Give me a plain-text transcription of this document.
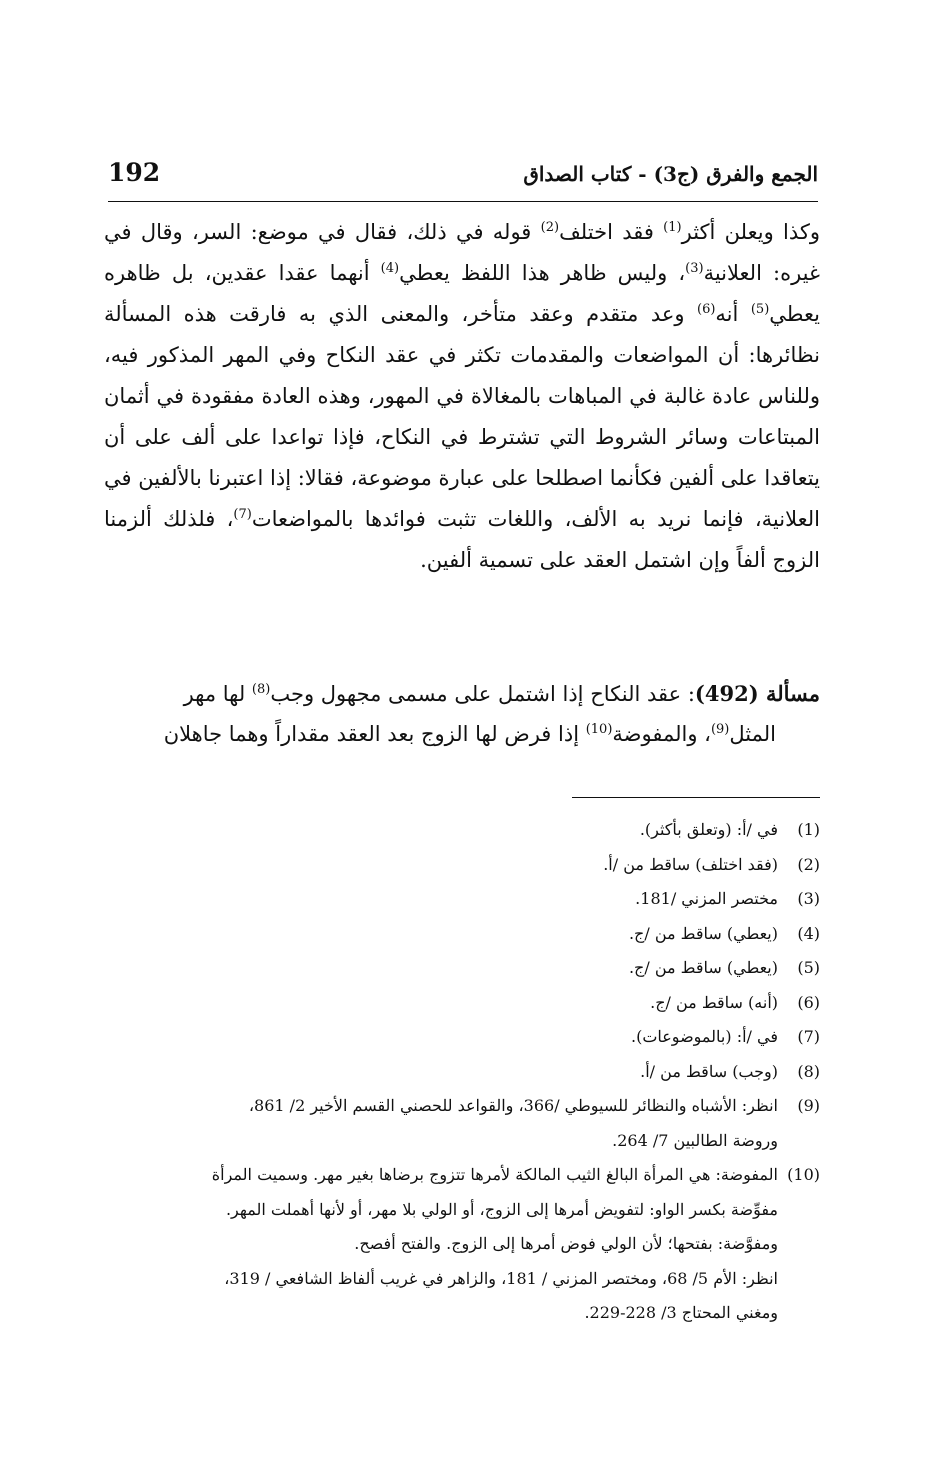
الجمع والفرق (ج3) - كتاب الصداق
192

وكذا ويعلن أكثر$^{(1)}$ فقد اختلف$^{(2)}$ قوله في ذلك، فقال في موضع: السر، وقال في غيره: العلانية$^{(3)}$، وليس ظاهر هذا اللفظ يعطي$^{(4)}$ أنهما عقدا عقدين، بل ظاهره يعطي$^{(5)}$ أنه$^{(6)}$ وعد متقدم وعقد متأخر، والمعنى الذي به فارقت هذه المسألة نظائرها: أن المواضعات والمقدمات تكثر في عقد النكاح وفي المهر المذكور فيه، وللناس عادة غالبة في المباهات بالمغالاة في المهور، وهذه العادة مفقودة في أثمان المبتاعات وسائر الشروط التي تشترط في النكاح، فإذا تواعدا على ألف على أن يتعاقدا على ألفين فكأنما اصطلحا على عبارة موضوعة، فقالا: إذا اعتبرنا بالألفين في العلانية، فإنما نريد به الألف، واللغات تثبت فوائدها بالمواضعات$^{(7)}$، فلذلك ألزمنا الزوج ألفاً وإن اشتمل العقد على تسمية ألفين.

مسألة (492): عقد النكاح إذا اشتمل على مسمى مجهول وجب$^{(8)}$ لها مهر
المثل$^{(9)}$، والمفوضة$^{(10)}$ إذا فرض لها الزوج بعد العقد مقداراً وهما جاهلان
(1)
في /أ: (وتعلق بأكثر).
(2)
(فقد اختلف) ساقط من /أ.
(3)
مختصر المزني /181.
(4)
(يعطي) ساقط من /ج.
(5)
(يعطي) ساقط من /ج.
(6)
(أنه) ساقط من /ج.
(7)
في /أ: (بالموضوعات).
(8)
(وجب) ساقط من /أ.
(9)
انظر: الأشباه والنظائر للسيوطي /366، والقواعد للحصني القسم الأخير 2/ 861،
وروضة الطالبين 7/ 264.
(10)
المفوضة: هي المرأة البالغ الثيب المالكة لأمرها تتزوج برضاها بغير مهر. وسميت المرأة
مفوِّضة بكسر الواو: لتفويض أمرها إلى الزوج، أو الولي بلا مهر، أو لأنها أهملت المهر.
ومفوَّضة: بفتحها؛ لأن الولي فوض أمرها إلى الزوج. والفتح أفصح.
انظر: الأم 5/ 68، ومختصر المزني / 181، والزاهر في غريب ألفاظ الشافعي / 319،
ومغني المحتاج 3/ 228-229.
